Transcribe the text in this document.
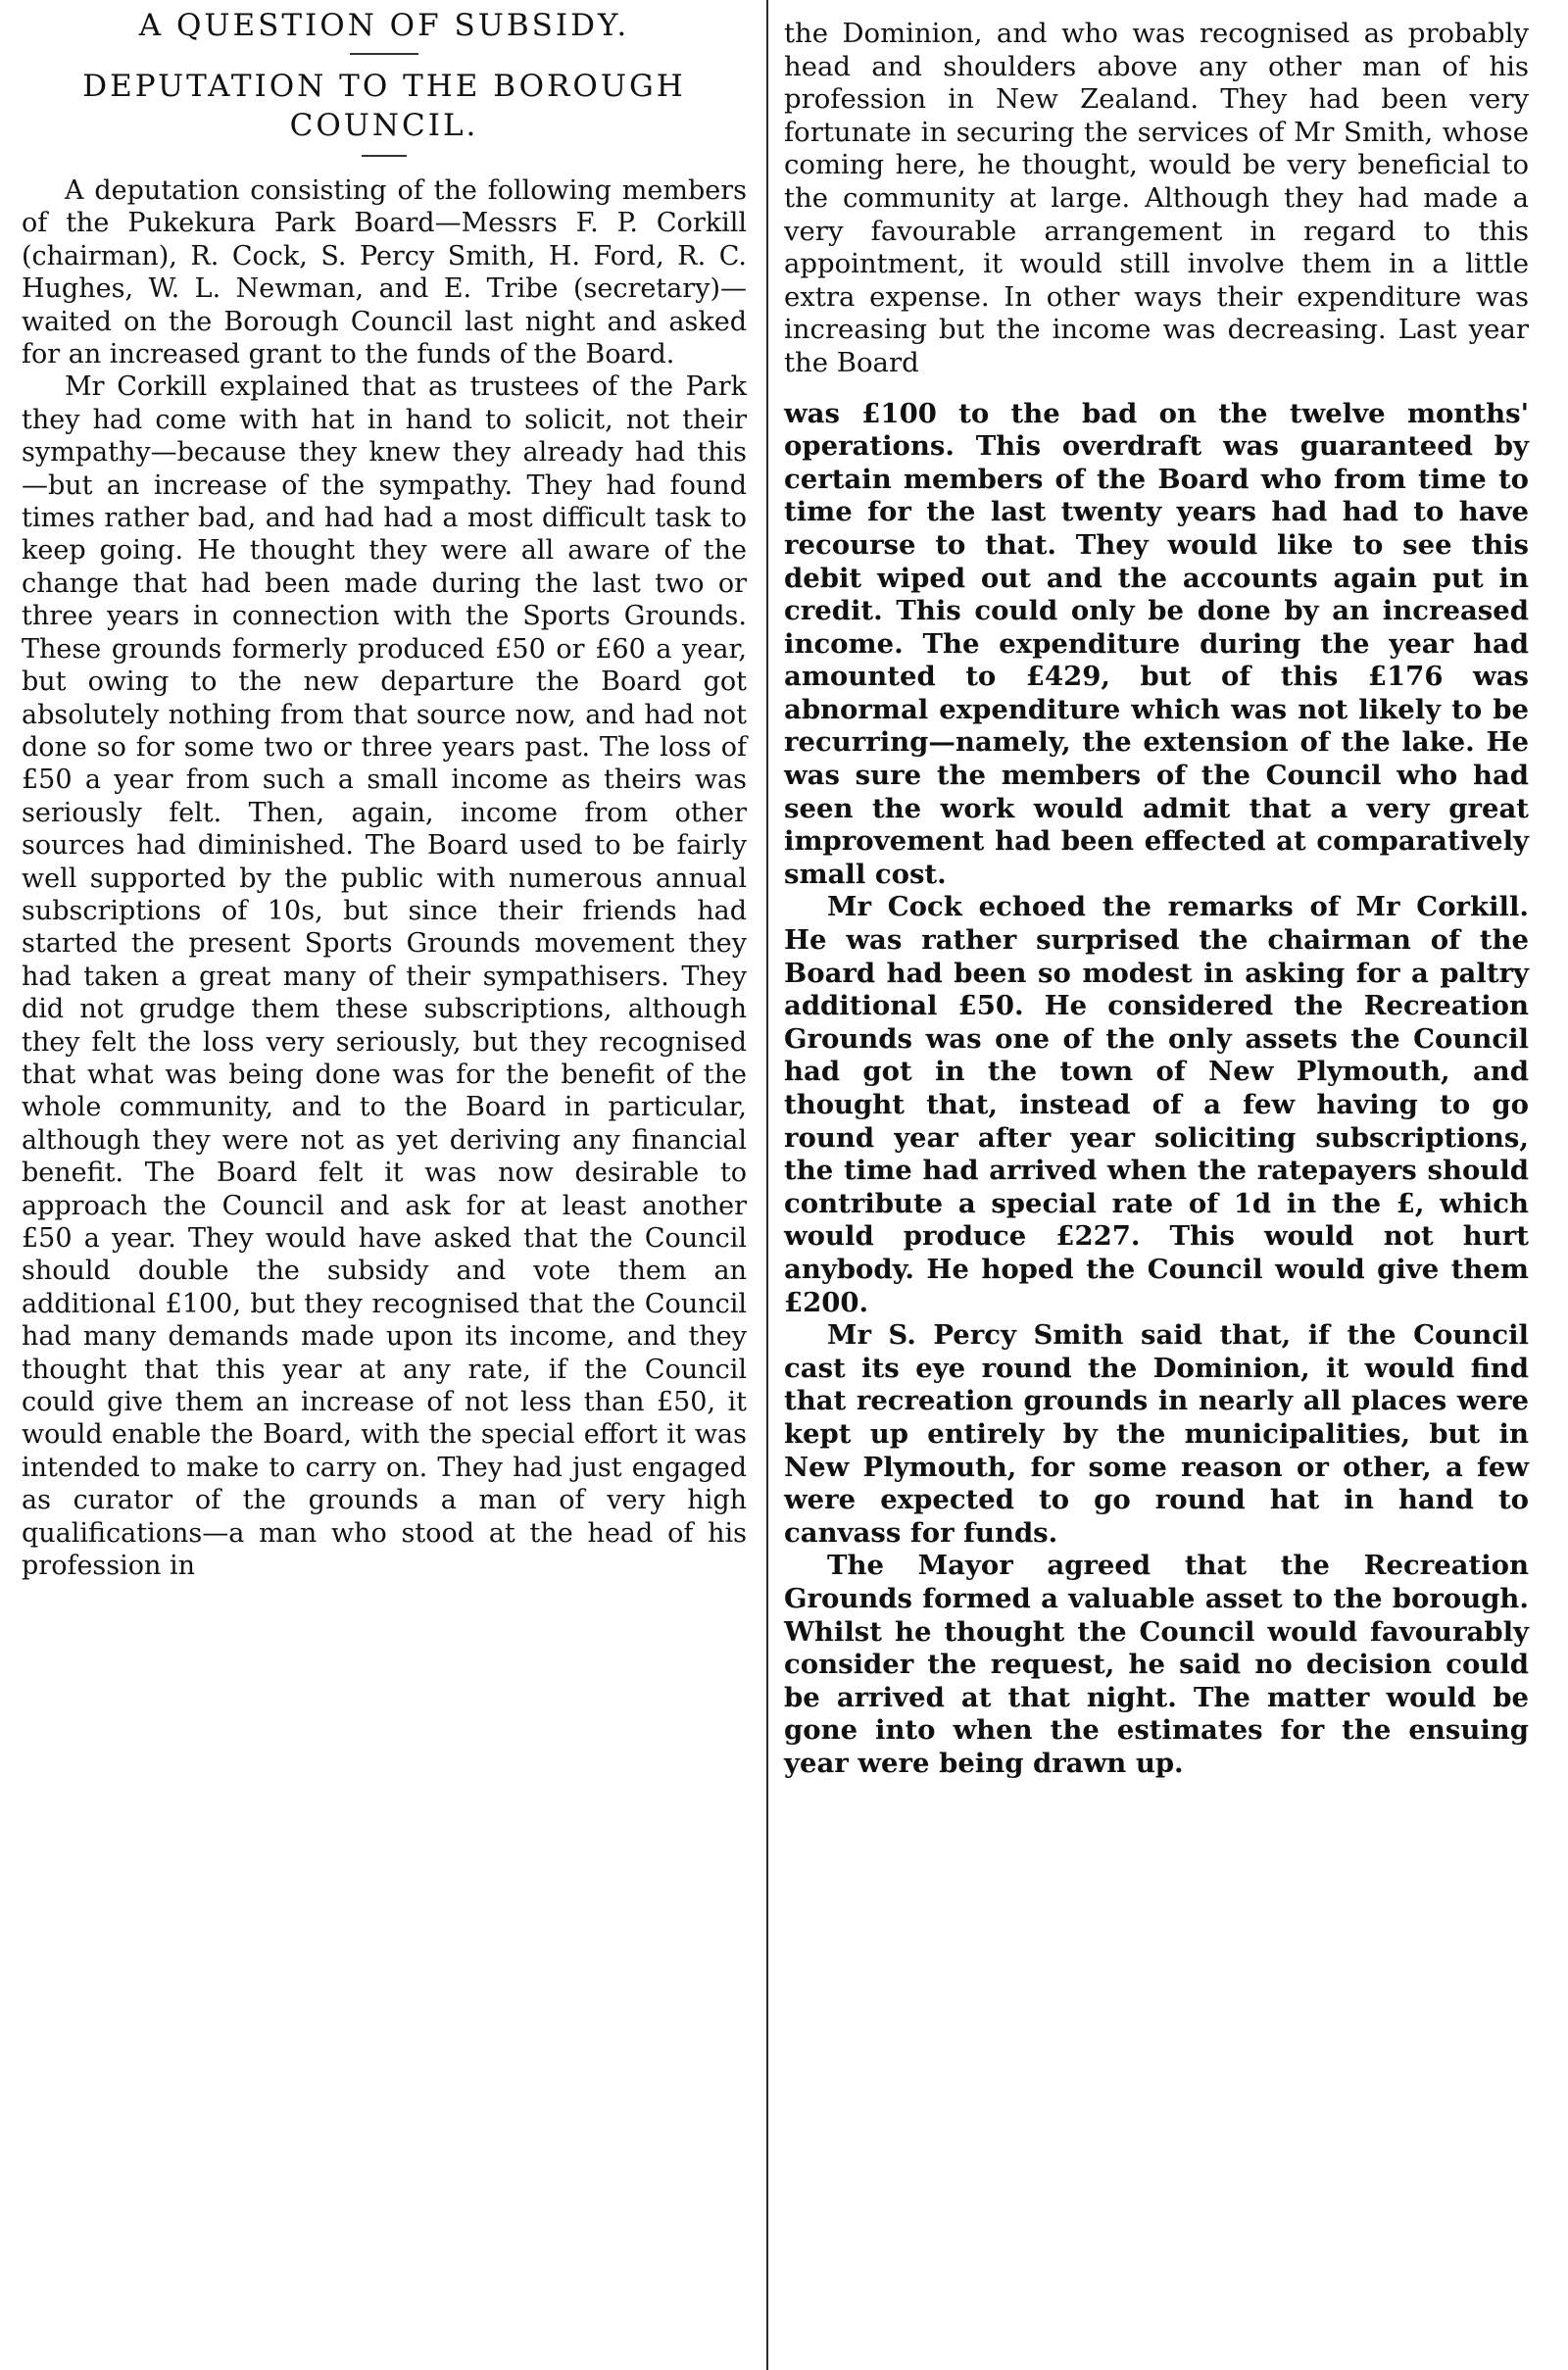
A QUESTION OF SUBSIDY.
DEPUTATION TO THE BOROUGH COUNCIL.

A deputation consisting of the following members of the Pukekura Park Board—Messrs F. P. Corkill (chairman), R. Cock, S. Percy Smith, H. Ford, R. C. Hughes, W. L. Newman, and E. Tribe (secretary)—waited on the Borough Council last night and asked for an increased grant to the funds of the Board.

Mr Corkill explained that as trustees of the Park they had come with hat in hand to solicit, not their sympathy—because they knew they already had this—but an increase of the sympathy. They had found times rather bad, and had had a most difficult task to keep going. He thought they were all aware of the change that had been made during the last two or three years in connection with the Sports Grounds. These grounds formerly produced £50 or £60 a year, but owing to the new departure the Board got absolutely nothing from that source now, and had not done so for some two or three years past. The loss of £50 a year from such a small income as theirs was seriously felt. Then, again, income from other sources had diminished. The Board used to be fairly well supported by the public with numerous annual subscriptions of 10s, but since their friends had started the present Sports Grounds movement they had taken a great many of their sympathisers. They did not grudge them these subscriptions, although they felt the loss very seriously, but they recognised that what was being done was for the benefit of the whole community, and to the Board in particular, although they were not as yet deriving any financial benefit. The Board felt it was now desirable to approach the Council and ask for at least another £50 a year. They would have asked that the Council should double the subsidy and vote them an additional £100, but they recognised that the Council had many demands made upon its income, and they thought that this year at any rate, if the Council could give them an increase of not less than £50, it would enable the Board, with the special effort it was intended to make to carry on. They had just engaged as curator of the grounds a man of very high qualifications—a man who stood at the head of his profession in

the Dominion, and who was recognised as probably head and shoulders above any other man of his profession in New Zealand. They had been very fortunate in securing the services of Mr Smith, whose coming here, he thought, would be very beneficial to the community at large. Although they had made a very favourable arrangement in regard to this appointment, it would still involve them in a little extra expense. In other ways their expenditure was increasing but the income was decreasing. Last year the Board

was £100 to the bad on the twelve months' operations. This overdraft was guaranteed by certain members of the Board who from time to time for the last twenty years had had to have recourse to that. They would like to see this debit wiped out and the accounts again put in credit. This could only be done by an increased income. The expenditure during the year had amounted to £429, but of this £176 was abnormal expenditure which was not likely to be recurring—namely, the extension of the lake. He was sure the members of the Council who had seen the work would admit that a very great improvement had been effected at comparatively small cost.

Mr Cock echoed the remarks of Mr Corkill. He was rather surprised the chairman of the Board had been so modest in asking for a paltry additional £50. He considered the Recreation Grounds was one of the only assets the Council had got in the town of New Plymouth, and thought that, instead of a few having to go round year after year soliciting subscriptions, the time had arrived when the ratepayers should contribute a special rate of 1d in the £, which would produce £227. This would not hurt anybody. He hoped the Council would give them £200.

Mr S. Percy Smith said that, if the Council cast its eye round the Dominion, it would find that recreation grounds in nearly all places were kept up entirely by the municipalities, but in New Plymouth, for some reason or other, a few were expected to go round hat in hand to canvass for funds.

The Mayor agreed that the Recreation Grounds formed a valuable asset to the borough. Whilst he thought the Council would favourably consider the request, he said no decision could be arrived at that night. The matter would be gone into when the estimates for the ensuing year were being drawn up.
